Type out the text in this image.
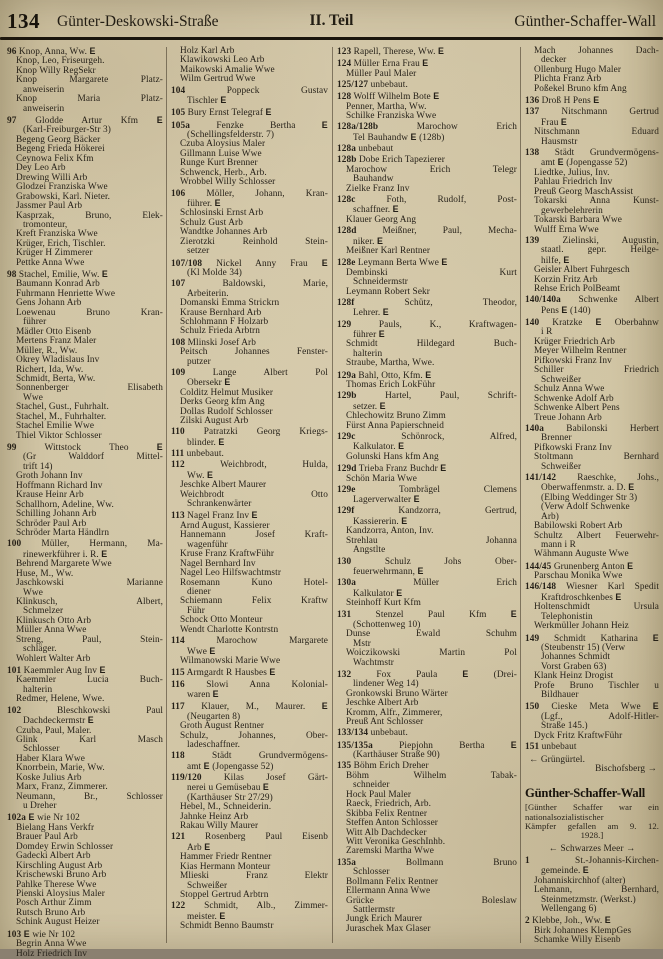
134 Günter-Deskowski-Straße	II. Teil	Günther-Schaffer-Wall
96 Knop, Anna, Ww. E
Knop, Leo, Friseurgeh.
Knop Willy RegSekr
Knop Margarete Platz-
anweiserin
Knop Maria Platz-
anweiserin
97 Glodde Artur Kfm E
(Karl-Freiburger-Str 3)
Begeng Georg Bäcker
Begeng Frieda Hökerei
Ceynowa Felix Kfm
Dey Leo Arb
Drewing Willi Arb
Glodzei Franziska Wwe
Grabowski, Karl. Nieter.
Jassmer Paul Arb
Kasprzak, Bruno, Elek-
tromonteur,
Kreft Franziska Wwe
Krüger, Erich, Tischler.
Krüger H Zimmerer
Pettke Anna Wwe
98 Stachel, Emilie, Ww. E
Baumann Konrad Arb
Fuhrmann Henriette Wwe
Gens Johann Arb
Loewenau Bruno Kran-
führer
Mädler Otto Eisenb
Mertens Franz Maler
Müller, R., Ww.
Okrey Wladislaus Inv
Richert, Ida, Ww.
Schmidt, Berta, Ww.
Sonnenberger Elisabeth
Wwe
Stachel, Gust., Fuhrhalt.
Stachel, M., Fuhrhalter.
Stachel Emilie Wwe
Thiel Viktor Schlosser
99 Wittstock Theo E
(Gr Walddorf Mittel-
trift 14)
Groth Johann Inv
Hoffmann Richard Inv
Krause Heinr Arb
Schallhorn, Adeline, Ww.
Schilling Johann Arb
Schröder Paul Arb
Schröder Marta Händlrn
100 Müller, Hermann, Ma-
rinewerkführer i. R. E
Behrend Margarete Wwe
Huse, M., Ww.
Jaschkowski Marianne
Wwe
Klinkusch, Albert,
Schmelzer
Klinkusch Otto Arb
Müller Anna Wwe
Streng, Paul, Stein-
schläger.
Wohlert Walter Arb
101 Kaemmler Aug Inv E
Kaemmler Lucia Buch-
halterin
Redmer, Helene, Wwe.
102 Bleschkowski Paul
Dachdeckermstr E
Czuba, Paul, Maler.
Glink Karl Masch
Schlosser
Haber Klara Wwe
Knorrbein, Marie, Ww.
Koske Julius Arb
Marx, Franz, Zimmerer.
Neumann, Br., Schlosser
u Dreher
102a E wie Nr 102
Bielang Hans Verkfr
Brauer Paul Arb
Domdey Erwin Schlosser
Gadecki Albert Arb
Kirschling August Arb
Krischewski Bruno Arb
Pahlke Therese Wwe
Pienski Aloysius Maler
Posch Arthur Zimm
Rutsch Bruno Arb
Schink August Heizer
103 E wie Nr 102
Begrin Anna Wwe
Holz Friedrich Inv
Holz Karl Arb
Klawikowski Leo Arb
Maikowski Amalie Wwe
Wilm Gertrud Wwe
104 Poppeck Gustav
Tischler E
105 Bury Ernst Telegraf E
105a Fenzke Bertha E
(Schellingsfelderstr. 7)
Czuba Aloysius Maler
Gillmann Luise Wwe
Runge Kurt Brenner
Schwenck, Herb., Arb.
Wrobbel Willy Schlosser
106 Möller, Johann, Kran-
führer. E
Schlosinski Ernst Arb
Schulz Gust Arb
Wandtke Johannes Arb
Zierotzki Reinhold Stein-
setzer
107/108 Nickel Anny Frau E
(Kl Molde 34)
107 Baldowski, Marie,
Arbeiterin.
Domanski Emma Strickrn
Krause Bernhard Arb
Schlohmann F Holzarb
Schulz Frieda Arbtrn
108 Mlinski Josef Arb
Peitsch Johannes Fenster-
putzer
109 Lange Albert Pol
Obersekr E
Colditz Helmut Musiker
Derks Georg kfm Ang
Dollas Rudolf Schlosser
Zilski August Arb
110 Patratzki Georg Kriegs-
blinder. E
111 unbebaut.
112 Weichbrodt, Hulda,
Ww. E
Jeschke Albert Maurer
Weichbrodt Otto
Schrankenwärter
113 Nagel Franz Inv E
Arnd August, Kassierer
Hannemann Josef Kraft-
wagenführ
Kruse Franz KraftwFühr
Nagel Bernhard Inv
Nagel Leo Hilfswachtmstr
Rosemann Kuno Hotel-
diener
Schiemann Felix Kraftw
Führ
Schock Otto Monteur
Wendt Charlotte Kontrstn
114 Marochow Margarete
Wwe E
Wilmanowski Marie Wwe
115 Armgardt R Hausbes E
116 Slowi Anna Kolonial-
waren E
117 Klauer, M., Maurer. E
(Neugarten 8)
Groth August Rentner
Schulz, Johannes, Ober-
ladeschaffner.
118 Städt Grundvermögens-
amt E (Jopengasse 52)
119/120 Kilas Josef Gärt-
nerei u Gemüsebau E
(Karthäuser Str 27/29)
Hebel, M., Schneiderin.
Jahnke Heinz Arb
Rakau Willy Maurer
121 Rosenberg Paul Eisenb
Arb E
Hammer Friedr Rentner
Kias Hermann Monteur
Mlieski Franz Elektr
Schweißer
Stoppel Gertrud Arbtrn
122 Schmidt, Alb., Zimmer-
meister. E
Schmidt Benno Baumstr
123 Rapell, Therese, Ww. E
124 Müller Erna Frau E
Müller Paul Maler
125/127 unbebaut.
128 Wolff Wilhelm Bote E
Penner, Martha, Ww.
Schilke Franziska Wwe
128a/128b Marochow Erich
Tel Bauhandw E (128b)
128a unbebaut
128b Dobe Erich Tapezierer
Marochow Erich Telegr
Bauhandw
Zielke Franz Inv
128c Foth, Rudolf, Post-
schaffner. E
Klauer Georg Ang
128d Meißner, Paul, Mecha-
niker. E
Meißner Karl Rentner
128e Leymann Berta Wwe E
Dembinski Kurt
Schneidermstr
Leymann Robert Sekr
128f Schütz, Theodor,
Lehrer. E
129 Pauls, K., Kraftwagen-
führer E
Schmidt Hildegard Buch-
halterin
Straube, Martha, Wwe.
129a Bahl, Otto, Kfm. E
Thomas Erich LokFühr
129b Hartel, Paul, Schrift-
setzer. E
Chlechowitz Bruno Zimm
Fürst Anna Papierschneid
129c Schönrock, Alfred,
Kalkulator. E
Golunski Hans kfm Ang
129d Trieba Franz Buchdr E
Schön Maria Wwe
129e Tombrägel Clemens
Lagerverwalter E
129f Kandzorra, Gertrud,
Kassiererin. E
Kandzorra, Anton, Inv.
Strehlau Johanna
Angstlte
130 Schulz Johs Ober-
feuerwehrmann, E
130a Müller Erich
Kalkulator E
Steinhoff Kurt Kfm
131 Stenzel Paul Kfm E
(Schottenweg 10)
Dunse Ewald Schuhm
Mstr
Woiczikowski Martin Pol
Wachtmstr
132 Fox Paula E (Drei-
lindener Weg 14)
Gronkowski Bruno Wärter
Jeschke Albert Arb
Kromm, Alfr., Zimmerer,
Preuß Ant Schlosser
133/134 unbebaut.
135/135a Piepjohn Bertha E
(Karthäuser Straße 90)
135 Böhm Erich Dreher
Böhm Wilhelm Tabak-
schneider
Hock Paul Maler
Raeck, Friedrich, Arb.
Skibba Felix Rentner
Steffen Anton Schlosser
Witt Alb Dachdecker
Witt Veronika GeschInhb.
Zaremski Martha Wwe
135a Bollmann Bruno
Schlosser
Bollmann Felix Rentner
Ellermann Anna Wwe
Grücke Boleslaw
Sattlermstr
Jungk Erich Maurer
Juraschek Max Glaser
Mach Johannes Dach-
decker
Ollenburg Hugo Maler
Plichta Franz Arb
Poßekel Bruno kfm Ang
136 Droß H Pens E
137 Nitschmann Gertrud
Frau E
Nitschmann Eduard
Hausmstr
138 Städt Grundvermögens-
amt E (Jopengasse 52)
Liedtke, Julius, Inv.
Pahlau Friedrich Inv
Preuß Georg MaschAssist
Tokarski Anna Kunst-
gewerbelehrerin
Tokarski Barbara Wwe
Wulff Erna Wwe
139 Zielinski, Augustin,
staatl. gepr. Heilge-
hilfe, E
Geisler Albert Fuhrgesch
Korzin Fritz Arb
Rehse Erich PolBeamt
140/140a Schwenke Albert
Pens E (140)
140 Kratzke E Oberbahnw
i R
Krüger Friedrich Arb
Meyer Wilhelm Rentner
Pifkowski Franz Inv
Schiller Friedrich
Schweißer
Schulz Anna Wwe
Schwenke Adolf Arb
Schwenke Albert Pens
Treue Johann Arb
140a Babilonski Herbert
Brenner
Pifkowski Franz Inv
Stoltmann Bernhard
Schweißer
141/142 Raeschke, Johs.,
Oberwaffenmstr. a. D. E
(Elbing Weddinger Str 3)
(Verw Adolf Schwenke
Arb)
Babilowski Robert Arb
Schultz Albert Feuerwehr-
mann i R
Wähmann Auguste Wwe
144/45 Grunenberg Anton E
Parschau Monika Wwe
146/148 Wiesner Karl Spedit
Kraftdroschkenbes E
Holtenschmidt Ursula
Telephonistin
Werkmüller Johann Heiz
149 Schmidt Katharina E
(Steubenstr 15) (Verw
Johannes Schmidt
Vorst Graben 63)
Klank Heinz Drogist
Profe Bruno Tischler u
Bildhauer
150 Cieske Meta Wwe E
(Lgf., Adolf-Hitler-
Straße 145.)
Dyck Fritz KraftwFühr
151 unbebaut
← Grüngürtel.
Bischofsberg →
Günther-Schaffer-Wall
[Günther Schaffer war ein
nationalsozialistischer
Kämpfer gefallen am 9. 12.
1928.]
← Schwarzes Meer →
1 St.-Johannis-Kirchen-
gemeinde. E
Johanniskirchhof (alter)
Lehmann, Bernhard,
Steinmetzmstr. (Werkst.)
Wellengang 6)
2 Klebbe, Joh., Ww. E
Birk Johannes KlempGes
Schamke Willy Eisenb
